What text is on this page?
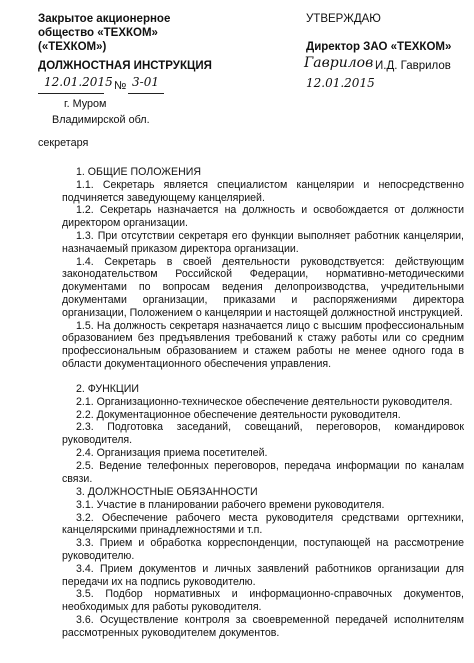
Закрытое акционерное
общество «ТЕХКОМ»
(«ТЕХКОМ»)
УТВЕРЖДАЮ
Директор ЗАО «ТЕХКОМ»
Гаврилов И.Д. Гаврилов
12.01.2015
ДОЛЖНОСТНАЯ ИНСТРУКЦИЯ
12.01.2015 № 3-01
г. Муром
Владимирской обл.
секретаря

1. ОБЩИЕ ПОЛОЖЕНИЯ

1.1. Секретарь является специалистом канцелярии и непосредственно подчиняется заведующему канцелярией.

1.2. Секретарь назначается на должность и освобождается от должности директором организации.

1.3. При отсутствии секретаря его функции выполняет работник канцелярии, назначаемый приказом директора организации.

1.4. Секретарь в своей деятельности руководствуется: действующим законодательством Российской Федерации, нормативно-методическими документами по вопросам ведения делопроизводства, учредительными документами организации, приказами и распоряжениями директора организации, Положением о канцелярии и настоящей должностной инструкцией.

1.5. На должность секретаря назначается лицо с высшим профессиональным образованием без предъявления требований к стажу работы или со средним профессиональным образованием и стажем работы не менее одного года в области документационного обеспечения управления.

2. ФУНКЦИИ

2.1. Организационно-техническое обеспечение деятельности руководителя.

2.2. Документационное обеспечение деятельности руководителя.

2.3. Подготовка заседаний, совещаний, переговоров, командировок руководителя.

2.4. Организация приема посетителей.

2.5. Ведение телефонных переговоров, передача информации по каналам связи.

3. ДОЛЖНОСТНЫЕ ОБЯЗАННОСТИ

3.1. Участие в планировании рабочего времени руководителя.

3.2. Обеспечение рабочего места руководителя средствами оргтехники, канцелярскими принадлежностями и т.п.

3.3. Прием и обработка корреспонденции, поступающей на рассмотрение руководителю.

3.4. Прием документов и личных заявлений работников организации для передачи их на подпись руководителю.

3.5. Подбор нормативных и информационно-справочных документов, необходимых для работы руководителя.

3.6. Осуществление контроля за своевременной передачей исполнителям рассмотренных руководителем документов.
